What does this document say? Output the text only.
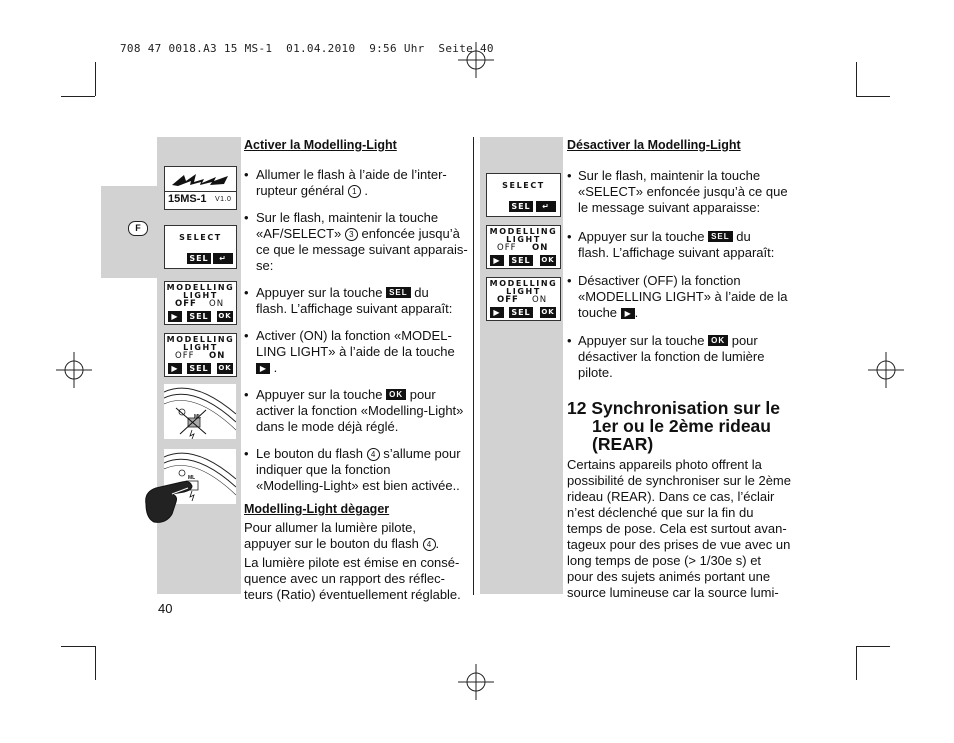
708 47 0018.A3 15 MS-1  01.04.2010  9:56 Uhr  Seite 40
F
15MS-1 V1.0
SELECT
SEL	↵
MODELLING
LIGHT
OFF ON
▶	SEL	OK
MODELLING
LIGHT
OFF ON
▶	SEL	OK
ML
ML
SELECT
SEL	↵
MODELLING
LIGHT
OFF ON
▶	SEL	OK
MODELLING
LIGHT
OFF ON
▶	SEL	OK
Activer la Modelling-Light
• Allumer le flash à l’aide de l’inter-
rupteur général 1 .
• Sur le flash, maintenir la touche
«AF/SELECT» 3 enfoncée jusqu’à
ce que le message suivant apparais-
se:
• Appuyer sur la touche SEL du
flash. L’affichage suivant apparaît:
• Activer (ON) la fonction «MODEL-
LING LIGHT» à l’aide de la touche
▶ .
• Appuyer sur la touche OK pour
activer la fonction «Modelling-Light»
dans le mode déjà réglé.
• Le bouton du flash 4 s’allume pour
indiquer que la fonction
«Modelling-Light» est bien activée..
Modelling-Light dègager
Pour allumer la lumière pilote,
appuyer sur le bouton du flash 4 .
La lumière pilote est émise en consé-
quence avec un rapport des réflec-
teurs (Ratio) éventuellement réglable.
40
Désactiver la Modelling-Light
• Sur le flash, maintenir la touche
«SELECT» enfoncée jusqu’à ce que
le message suivant apparaisse:
• Appuyer sur la touche SEL du
flash. L’affichage suivant apparaît:
• Désactiver (OFF) la fonction
«MODELLING LIGHT» à l’aide de la
touche ▶ .
• Appuyer sur la touche OK pour
désactiver la fonction de lumière
pilote.
12 Synchronisation sur le
1er ou le 2ème rideau
(REAR)
Certains appareils photo offrent la
possibilité de synchroniser sur le 2ème
rideau (REAR). Dans ce cas, l’éclair
n’est déclenché que sur la fin du
temps de pose. Cela est surtout avan-
tageux pour des prises de vue avec un
long temps de pose (> 1/30e s) et
pour des sujets animés portant une
source lumineuse car la source lumi-
